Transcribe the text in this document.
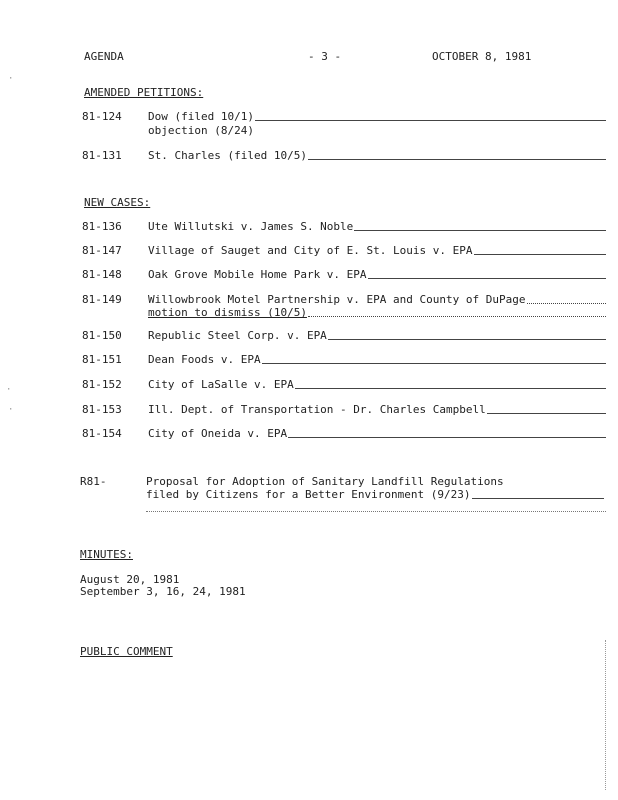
AGENDA	- 3 -	OCTOBER 8, 1981
AMENDED PETITIONS:
81-124	Dow (filed 10/1)
objection (8/24)
81-131	St. Charles (filed 10/5)
NEW CASES:
81-136	Ute Willutski v. James S. Noble
81-147	Village of Sauget and City of E. St. Louis v. EPA
81-148	Oak Grove Mobile Home Park v. EPA
81-149	Willowbrook Motel Partnership v. EPA and County of DuPage
motion to dismiss (10/5)
81-150	Republic Steel Corp. v. EPA
81-151	Dean Foods v. EPA
81-152	City of LaSalle v. EPA
81-153	Ill. Dept. of Transportation - Dr. Charles Campbell
81-154	City of Oneida v. EPA
R81-	Proposal for Adoption of Sanitary Landfill Regulations
filed by Citizens for a Better Environment (9/23)
MINUTES:
August 20, 1981
September 3, 16, 24, 1981
PUBLIC COMMENT
·
·
·
